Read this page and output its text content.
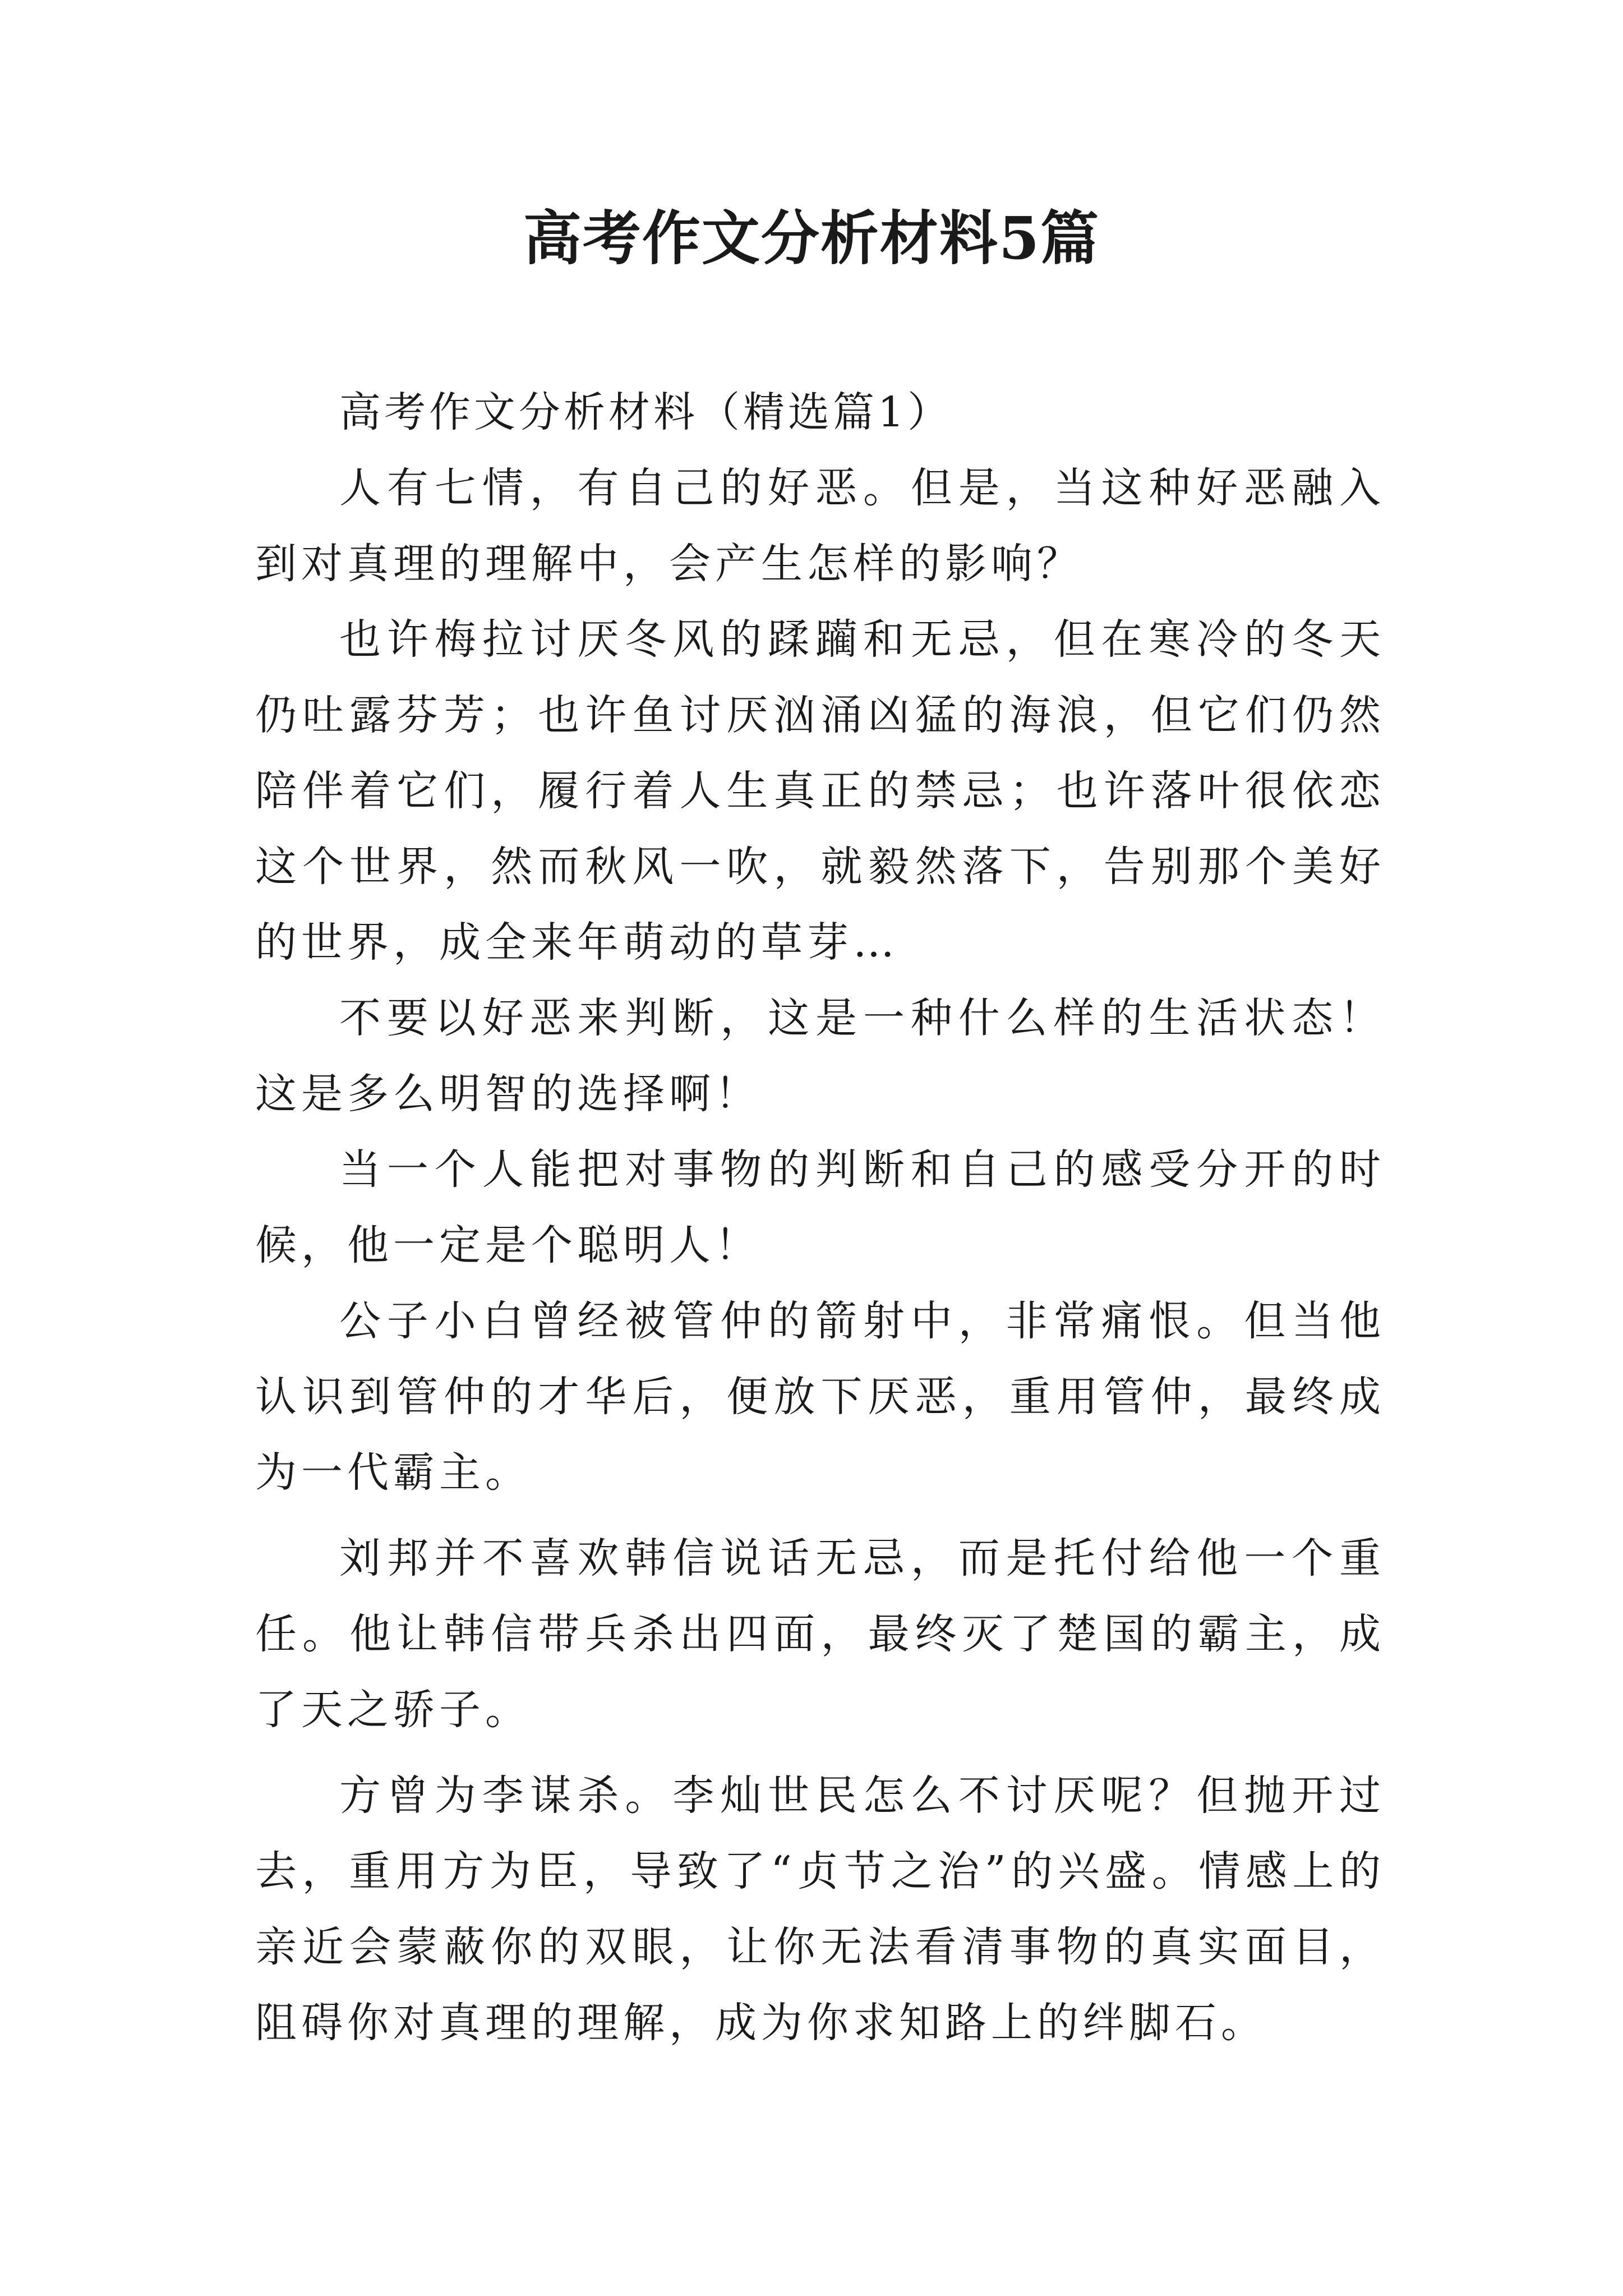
高考作文分析材料5篇

高考作文分析材料（精选篇1）

人有七情，有自己的好恶。但是，当这种好恶融入到对真理的理解中，会产生怎样的影响？

也许梅拉讨厌冬风的蹂躏和无忌，但在寒冷的冬天仍吐露芬芳；也许鱼讨厌汹涌凶猛的海浪，但它们仍然陪伴着它们，履行着人生真正的禁忌；也许落叶很依恋这个世界，然而秋风一吹，就毅然落下，告别那个美好的世界，成全来年萌动的草芽…

不要以好恶来判断，这是一种什么样的生活状态！这是多么明智的选择啊！

当一个人能把对事物的判断和自己的感受分开的时候，他一定是个聪明人！

公子小白曾经被管仲的箭射中，非常痛恨。但当他认识到管仲的才华后，便放下厌恶，重用管仲，最终成为一代霸主。

刘邦并不喜欢韩信说话无忌，而是托付给他一个重任。他让韩信带兵杀出四面，最终灭了楚国的霸主，成了天之骄子。

方曾为李谋杀。李灿世民怎么不讨厌呢？但抛开过去，重用方为臣，导致了“贞节之治”的兴盛。情感上的亲近会蒙蔽你的双眼，让你无法看清事物的真实面目，阻碍你对真理的理解，成为你求知路上的绊脚石。
